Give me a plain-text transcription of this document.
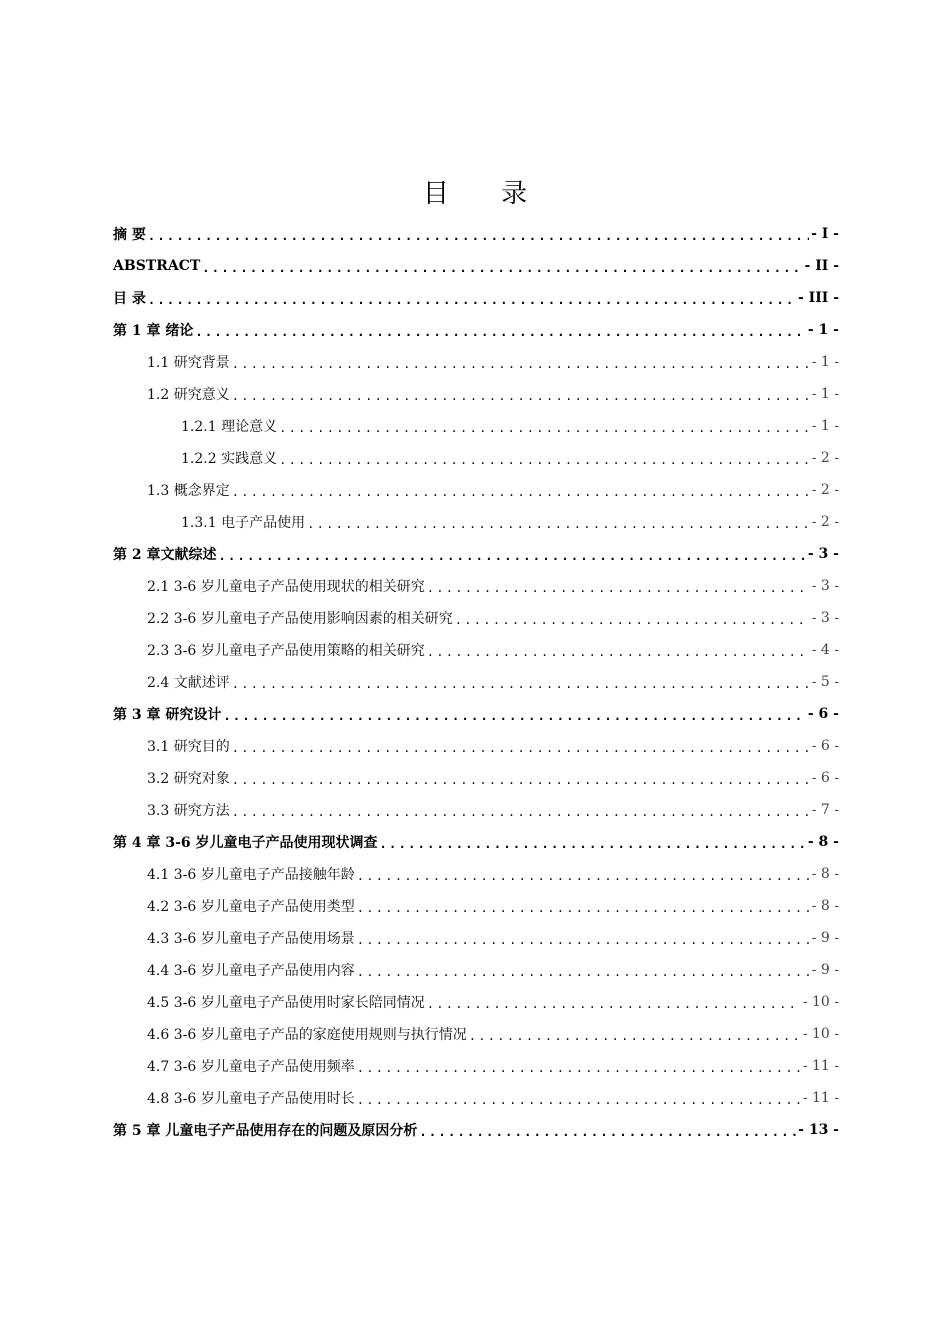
目 录
摘 要 .....	- I -
ABSTRACT .....	- II -
目 录 .....	- III -
第 1 章 绪论 .....	- 1 -
1.1 研究背景 .....	- 1 -
1.2 研究意义 .....	- 1 -
1.2.1 理论意义 .....	- 1 -
1.2.2 实践意义 .....	- 2 -
1.3 概念界定 .....	- 2 -
1.3.1 电子产品使用 .....	- 2 -
第 2 章文献综述 .....	- 3 -
2.1 3-6 岁儿童电子产品使用现状的相关研究 .....	- 3 -
2.2 3-6 岁儿童电子产品使用影响因素的相关研究 .....	- 3 -
2.3 3-6 岁儿童电子产品使用策略的相关研究 .....	- 4 -
2.4 文献述评 .....	- 5 -
第 3 章 研究设计 .....	- 6 -
3.1 研究目的 .....	- 6 -
3.2 研究对象 .....	- 6 -
3.3 研究方法 .....	- 7 -
第 4 章 3-6 岁儿童电子产品使用现状调查 .....	- 8 -
4.1 3-6 岁儿童电子产品接触年龄 .....	- 8 -
4.2 3-6 岁儿童电子产品使用类型 .....	- 8 -
4.3 3-6 岁儿童电子产品使用场景 .....	- 9 -
4.4 3-6 岁儿童电子产品使用内容 .....	- 9 -
4.5 3-6 岁儿童电子产品使用时家长陪同情况 .....	- 10 -
4.6 3-6 岁儿童电子产品的家庭使用规则与执行情况 .....	- 10 -
4.7 3-6 岁儿童电子产品使用频率 .....	- 11 -
4.8 3-6 岁儿童电子产品使用时长 .....	- 11 -
第 5 章 儿童电子产品使用存在的问题及原因分析 .....	- 13 -
